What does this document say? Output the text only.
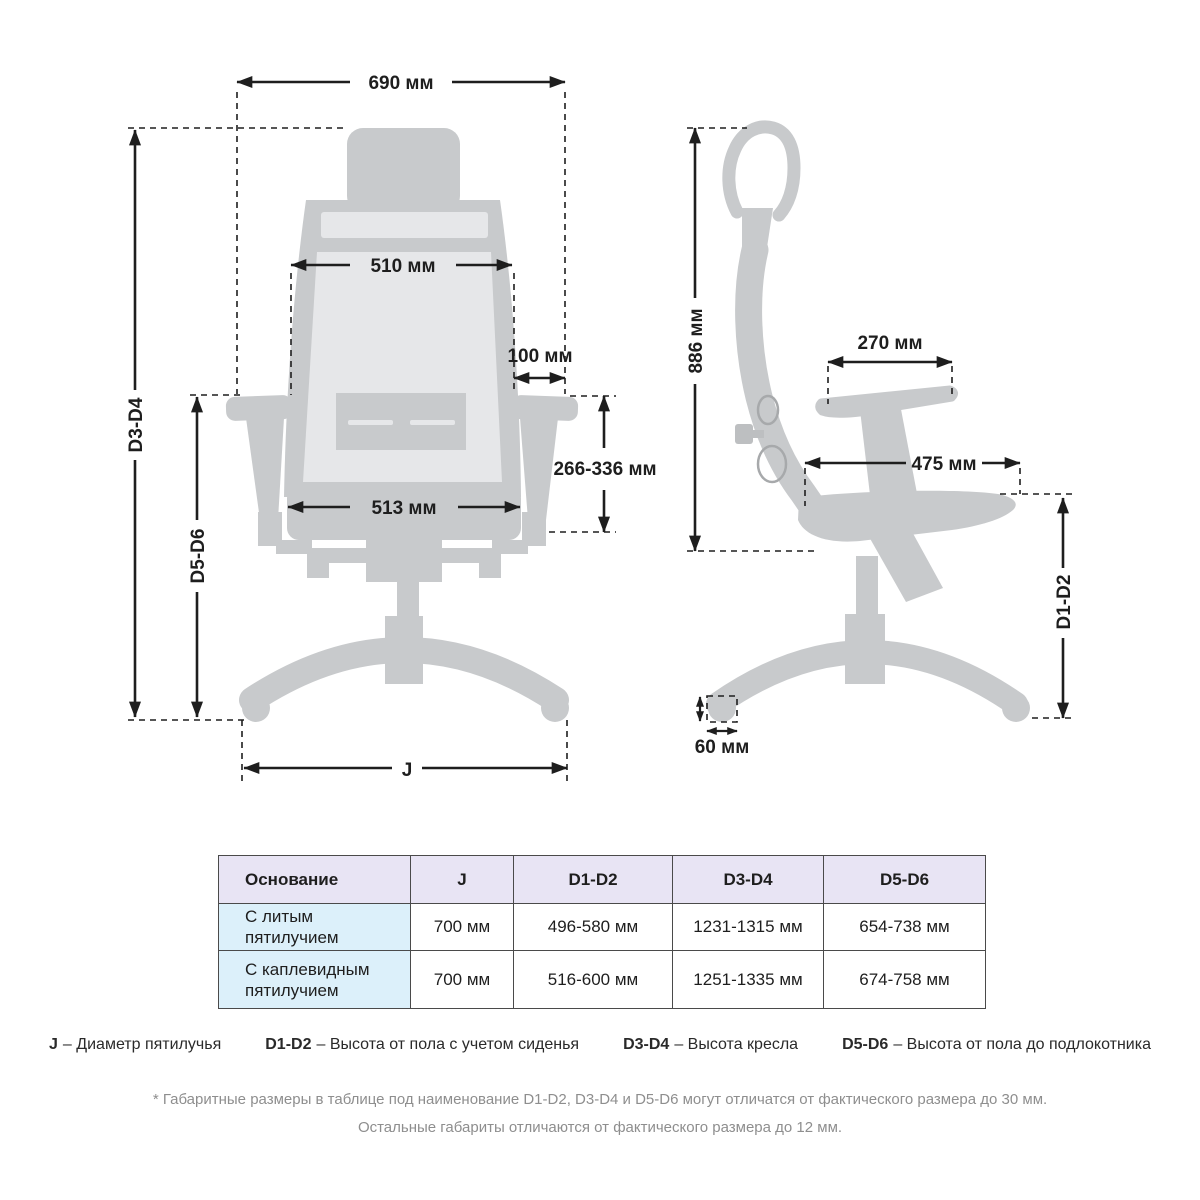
690 мм
510 мм
100 мм
266-336 мм
513 мм
D3-D4
D5-D6
J
886 мм	270 мм
475 мм
D1-D2
60 мм
Основание	J	D1-D2	D3-D4	D5-D6
С литым пятилучием	700 мм	496-580 мм	1231-1315 мм	654-738 мм
С каплевидным пятилучием	700 мм	516-600 мм	1251-1335 мм	674-758 мм
J – Диаметр пятилучья	D1-D2 – Высота от пола с учетом сиденья	D3-D4 – Высота кресла	D5-D6 – Высота от пола до подлокотника
* Габаритные размеры в таблице под наименование D1-D2, D3-D4 и D5-D6 могут отличатся от фактического размера до 30 мм.
Остальные габариты отличаются от фактического размера до 12 мм.
